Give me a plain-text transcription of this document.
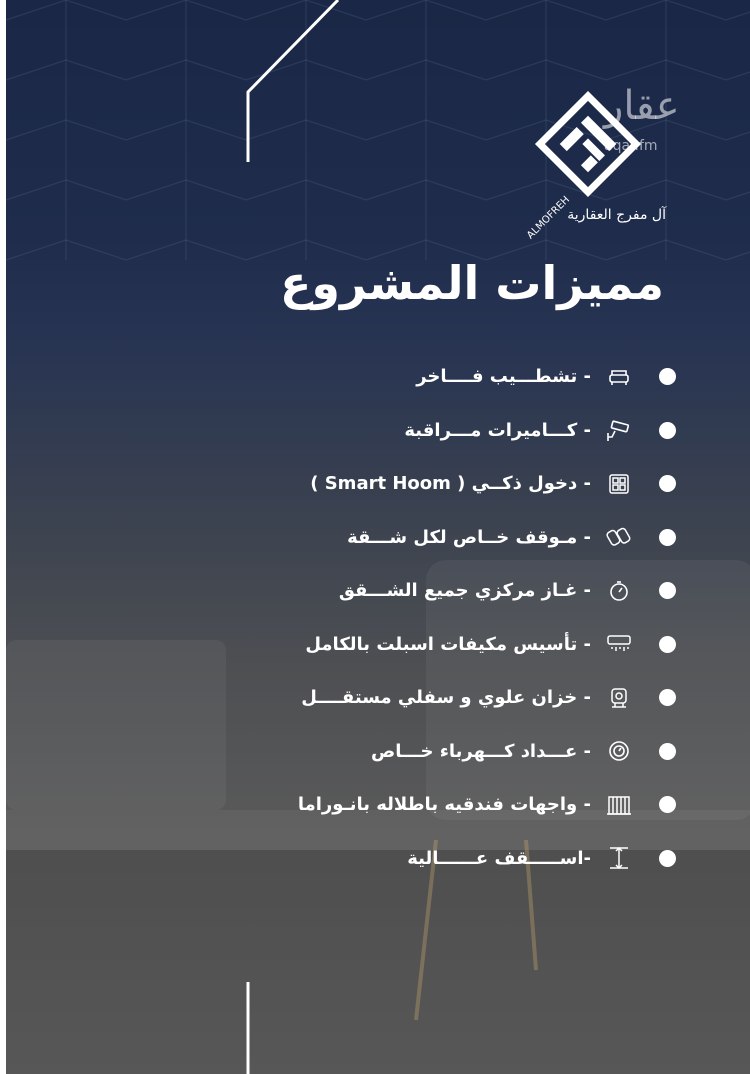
ALMOFREH
عقار
aqar.fm
آل مفرج العقارية
مميزات المشروع
- تشطـــيب فــــاخر
- كـــاميرات مـــراقبة
- دخول ذكــي ( Smart Hoom )
- مـوقف خــاص لكل شـــقة
- غـاز مركزي جميع الشـــقق
- تأسيس مكيفات اسبلت بالكامل
- خزان علوي و سفلي مستقــــل
- عـــداد كـــهرباء خـــاص
- واجهات فندقيه باطلاله بانـوراما
-اســـــقف عــــــالية
